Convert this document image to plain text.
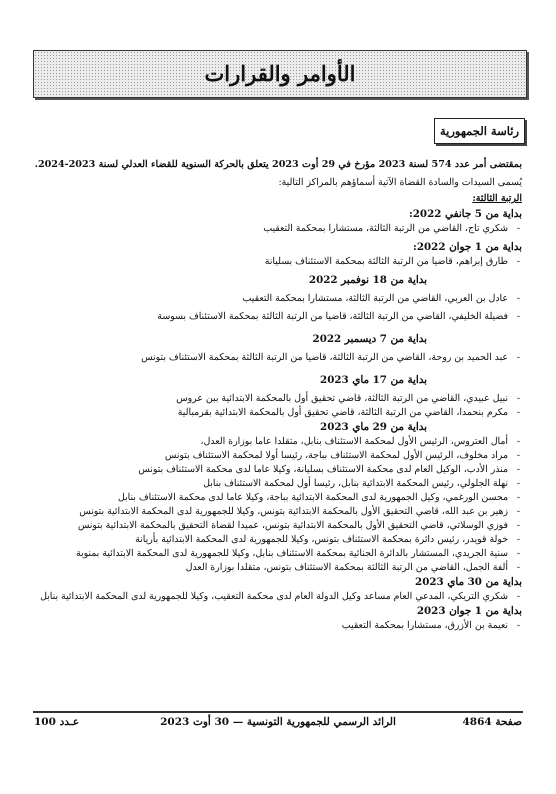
الأوامر والقرارات
رئاسة الجمهورية
بمقتضى أمر عدد 574 لسنة 2023 مؤرخ في 29 أوت 2023 يتعلق بالحركة السنوية للقضاء العدلي لسنة 2023-2024.
يُسمى السيدات والسادة القضاة الآتية أسماؤهم بالمراكز التالية:
الرتبة الثالثة:
بداية من 5 جانفي 2022:
- شكري تاج، القاضي من الرتبة الثالثة، مستشارا بمحكمة التعقيب
بداية من 1 جوان 2022:
- طارق إبراهم، قاضيا من الرتبة الثالثة بمحكمة الاستئناف بسليانة
بداية من 18 نوفمبر 2022
- عادل بن العربي، القاضي من الرتبة الثالثة، مستشارا بمحكمة التعقيب
- فضيلة الخليفي، القاضي من الرتبة الثالثة، قاضيا من الرتبة الثالثة بمحكمة الاستئناف بسوسة
بداية من 7 ديسمبر 2022
- عبد الحميد بن روحة، القاضي من الرتبة الثالثة، قاضيا من الرتبة الثالثة بمحكمة الاستئناف بتونس
بداية من 17 ماي 2023
- نبيل عبيدي، القاضي من الرتبة الثالثة، قاضي تحقيق أول بالمحكمة الابتدائية ببن عروس
- مكرم بنحمدا، القاضي من الرتبة الثالثة، قاضي تحقيق أول بالمحكمة الابتدائية بقرمبالية
بداية من 29 ماي 2023
- أمال العتروس، الرئيس الأول لمحكمة الاستئناف بنابل، متقلدا عاما بوزارة العدل،
- مراد مخلوف، الرئيس الأول لمحكمة الاستئناف بباجة، رئيسا أولا لمحكمة الاستئناف بتونس
- منذر الأدب، الوكيل العام لدى محكمة الاستئناف بسليانة، وكيلا عاما لدى محكمة الاستئناف بتونس
- نهلة الجلولي، رئيس المحكمة الابتدائية بنابل، رئيسا أول لمحكمة الاستئناف بنابل
- محسن الورغمي، وكيل الجمهورية لدى المحكمة الابتدائية بباجة، وكيلا عاما لدى محكمة الاستئناف بنابل
- زهير بن عبد الله، قاضي التحقيق الأول بالمحكمة الابتدائية بتونس، وكيلا للجمهورية لدى المحكمة الابتدائية بتونس
- فوزي الوسلاتي، قاضي التحقيق الأول بالمحكمة الابتدائية بتونس، عميدا لقضاة التحقيق بالمحكمة الابتدائية بتونس
- خولة قويدر، رئيس دائرة بمحكمة الاستئناف بتونس، وكيلا للجمهورية لدى المحكمة الابتدائية بأريانة
- سنية الجريدي، المستشار بالدائرة الجنائية بمحكمة الاستئناف بنابل، وكيلا للجمهورية لدى المحكمة الابتدائية بمنوبة
- ألفة الجمل، القاضي من الرتبة الثالثة بمحكمة الاستئناف بتونس، متقلدا بوزارة العدل
بداية من 30 ماي 2023
- شكري التريكي، المدعي العام مساعد وكيل الدولة العام لدى محكمة التعقيب، وكيلا للجمهورية لدى المحكمة الابتدائية بنابل
بداية من 1 جوان 2023
- نعيمة بن الأزرق، مستشارا بمحكمة التعقيب
صفحة 4864
الرائد الرسمي للجمهورية التونسية — 30 أوت 2023
عـدد 100
